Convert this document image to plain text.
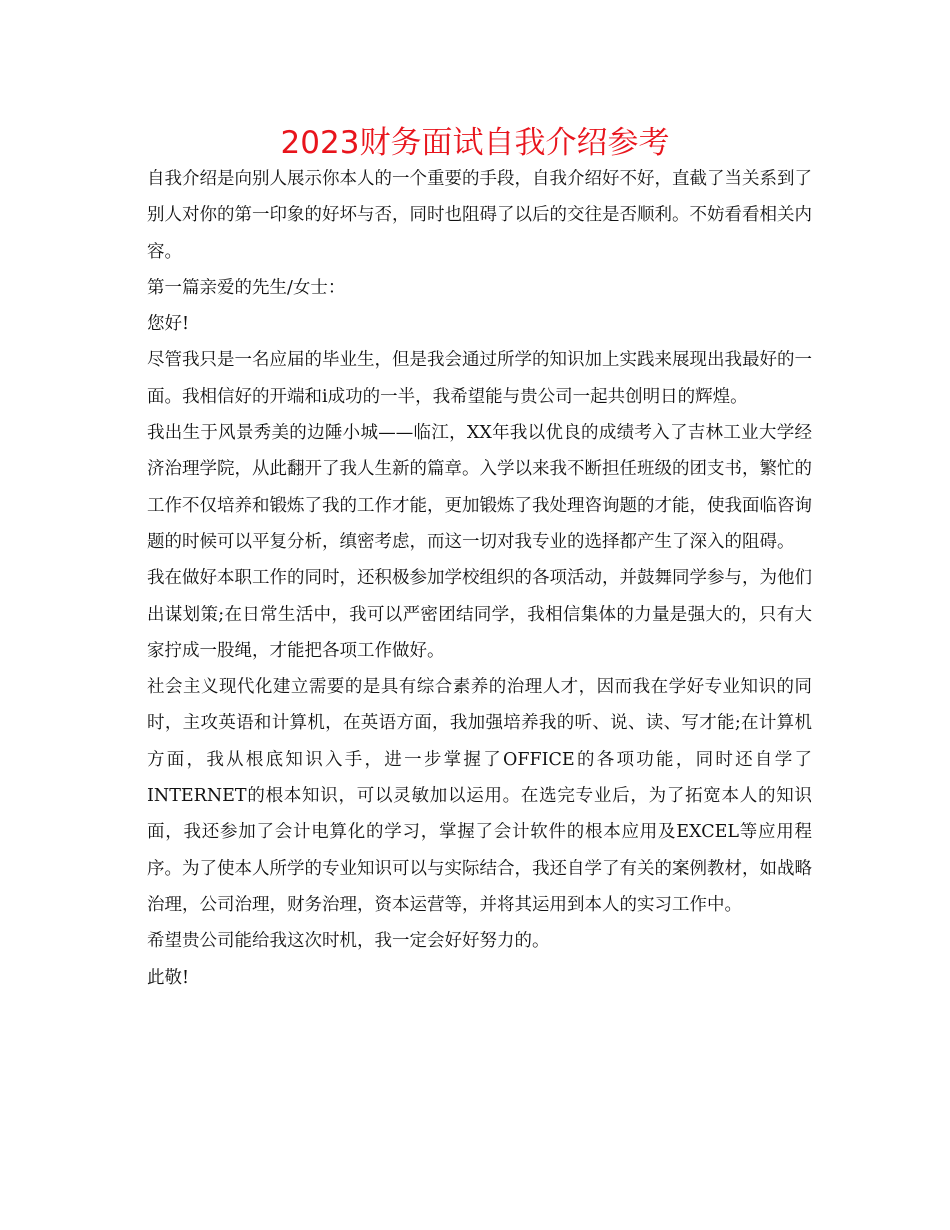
2023财务面试自我介绍参考

自我介绍是向别人展示你本人的一个重要的手段，自我介绍好不好，直截了当关系到了别人对你的第一印象的好坏与否，同时也阻碍了以后的交往是否顺利。不妨看看相关内容。

第一篇亲爱的先生/女士：

您好!

尽管我只是一名应届的毕业生，但是我会通过所学的知识加上实践来展现出我最好的一面。我相信好的开端和i成功的一半，我希望能与贵公司一起共创明日的辉煌。

我出生于风景秀美的边陲小城——临江，XX年我以优良的成绩考入了吉林工业大学经济治理学院，从此翻开了我人生新的篇章。入学以来我不断担任班级的团支书，繁忙的工作不仅培养和锻炼了我的工作才能，更加锻炼了我处理咨询题的才能，使我面临咨询题的时候可以平复分析，缜密考虑，而这一切对我专业的选择都产生了深入的阻碍。

我在做好本职工作的同时，还积极参加学校组织的各项活动，并鼓舞同学参与，为他们出谋划策;在日常生活中，我可以严密团结同学，我相信集体的力量是强大的，只有大家拧成一股绳，才能把各项工作做好。

社会主义现代化建立需要的是具有综合素养的治理人才，因而我在学好专业知识的同时，主攻英语和计算机，在英语方面，我加强培养我的听、说、读、写才能;在计算机方面，我从根底知识入手，进一步掌握了OFFICE的各项功能，同时还自学了INTERNET的根本知识，可以灵敏加以运用。在选完专业后，为了拓宽本人的知识面，我还参加了会计电算化的学习，掌握了会计软件的根本应用及EXCEL等应用程序。为了使本人所学的专业知识可以与实际结合，我还自学了有关的案例教材，如战略治理，公司治理，财务治理，资本运营等，并将其运用到本人的实习工作中。

希望贵公司能给我这次时机，我一定会好好努力的。

此敬!
